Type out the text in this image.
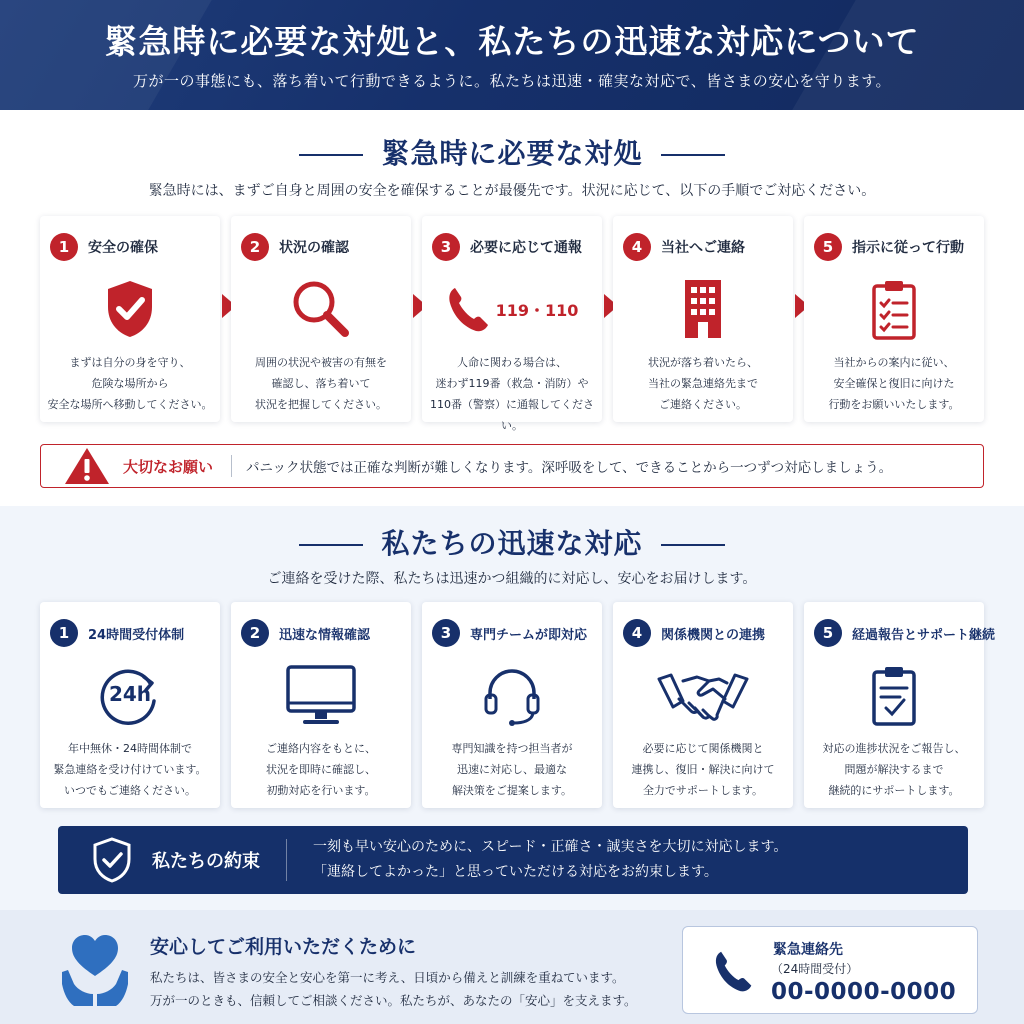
緊急時に必要な対処と、私たちの迅速な対応について

万が一の事態にも、落ち着いて行動できるように。私たちは迅速・確実な対応で、皆さまの安心を守ります。

緊急時に必要な対処
緊急時には、まずご自身と周囲の安全を確保することが最優先です。状況に応じて、以下の手順でご対応ください。
1	安全の確保
まずは自分の身を守り、
危険な場所から
安全な場所へ移動してください。
2	状況の確認
周囲の状況や被害の有無を
確認し、落ち着いて
状況を把握してください。
3	必要に応じて通報
119・110
人命に関わる場合は、
迷わず119番（救急・消防）や
110番（警察）に通報してください。
4	当社へご連絡
状況が落ち着いたら、
当社の緊急連絡先まで
ご連絡ください。
5	指示に従って行動
当社からの案内に従い、
安全確保と復旧に向けた
行動をお願いいたします。
大切なお願い パニック状態では正確な判断が難しくなります。深呼吸をして、できることから一つずつ対応しましょう。
私たちの迅速な対応
ご連絡を受けた際、私たちは迅速かつ組織的に対応し、安心をお届けします。
1	24時間受付体制
24h
年中無休・24時間体制で
緊急連絡を受け付けています。
いつでもご連絡ください。
2	迅速な情報確認
ご連絡内容をもとに、
状況を即時に確認し、
初動対応を行います。
3	専門チームが即対応
専門知識を持つ担当者が
迅速に対応し、最適な
解決策をご提案します。
4	関係機関との連携
必要に応じて関係機関と
連携し、復旧・解決に向けて
全力でサポートします。
5	経過報告とサポート継続
対応の進捗状況をご報告し、
問題が解決するまで
継続的にサポートします。
私たちの約束
一刻も早い安心のために、スピード・正確さ・誠実さを大切に対応します。
「連絡してよかった」と思っていただける対応をお約束します。
安心してご利用いただくために
私たちは、皆さまの安全と安心を第一に考え、日頃から備えと訓練を重ねています。
万が一のときも、信頼してご相談ください。私たちが、あなたの「安心」を支えます。
緊急連絡先
（24時間受付）
00-0000-0000
